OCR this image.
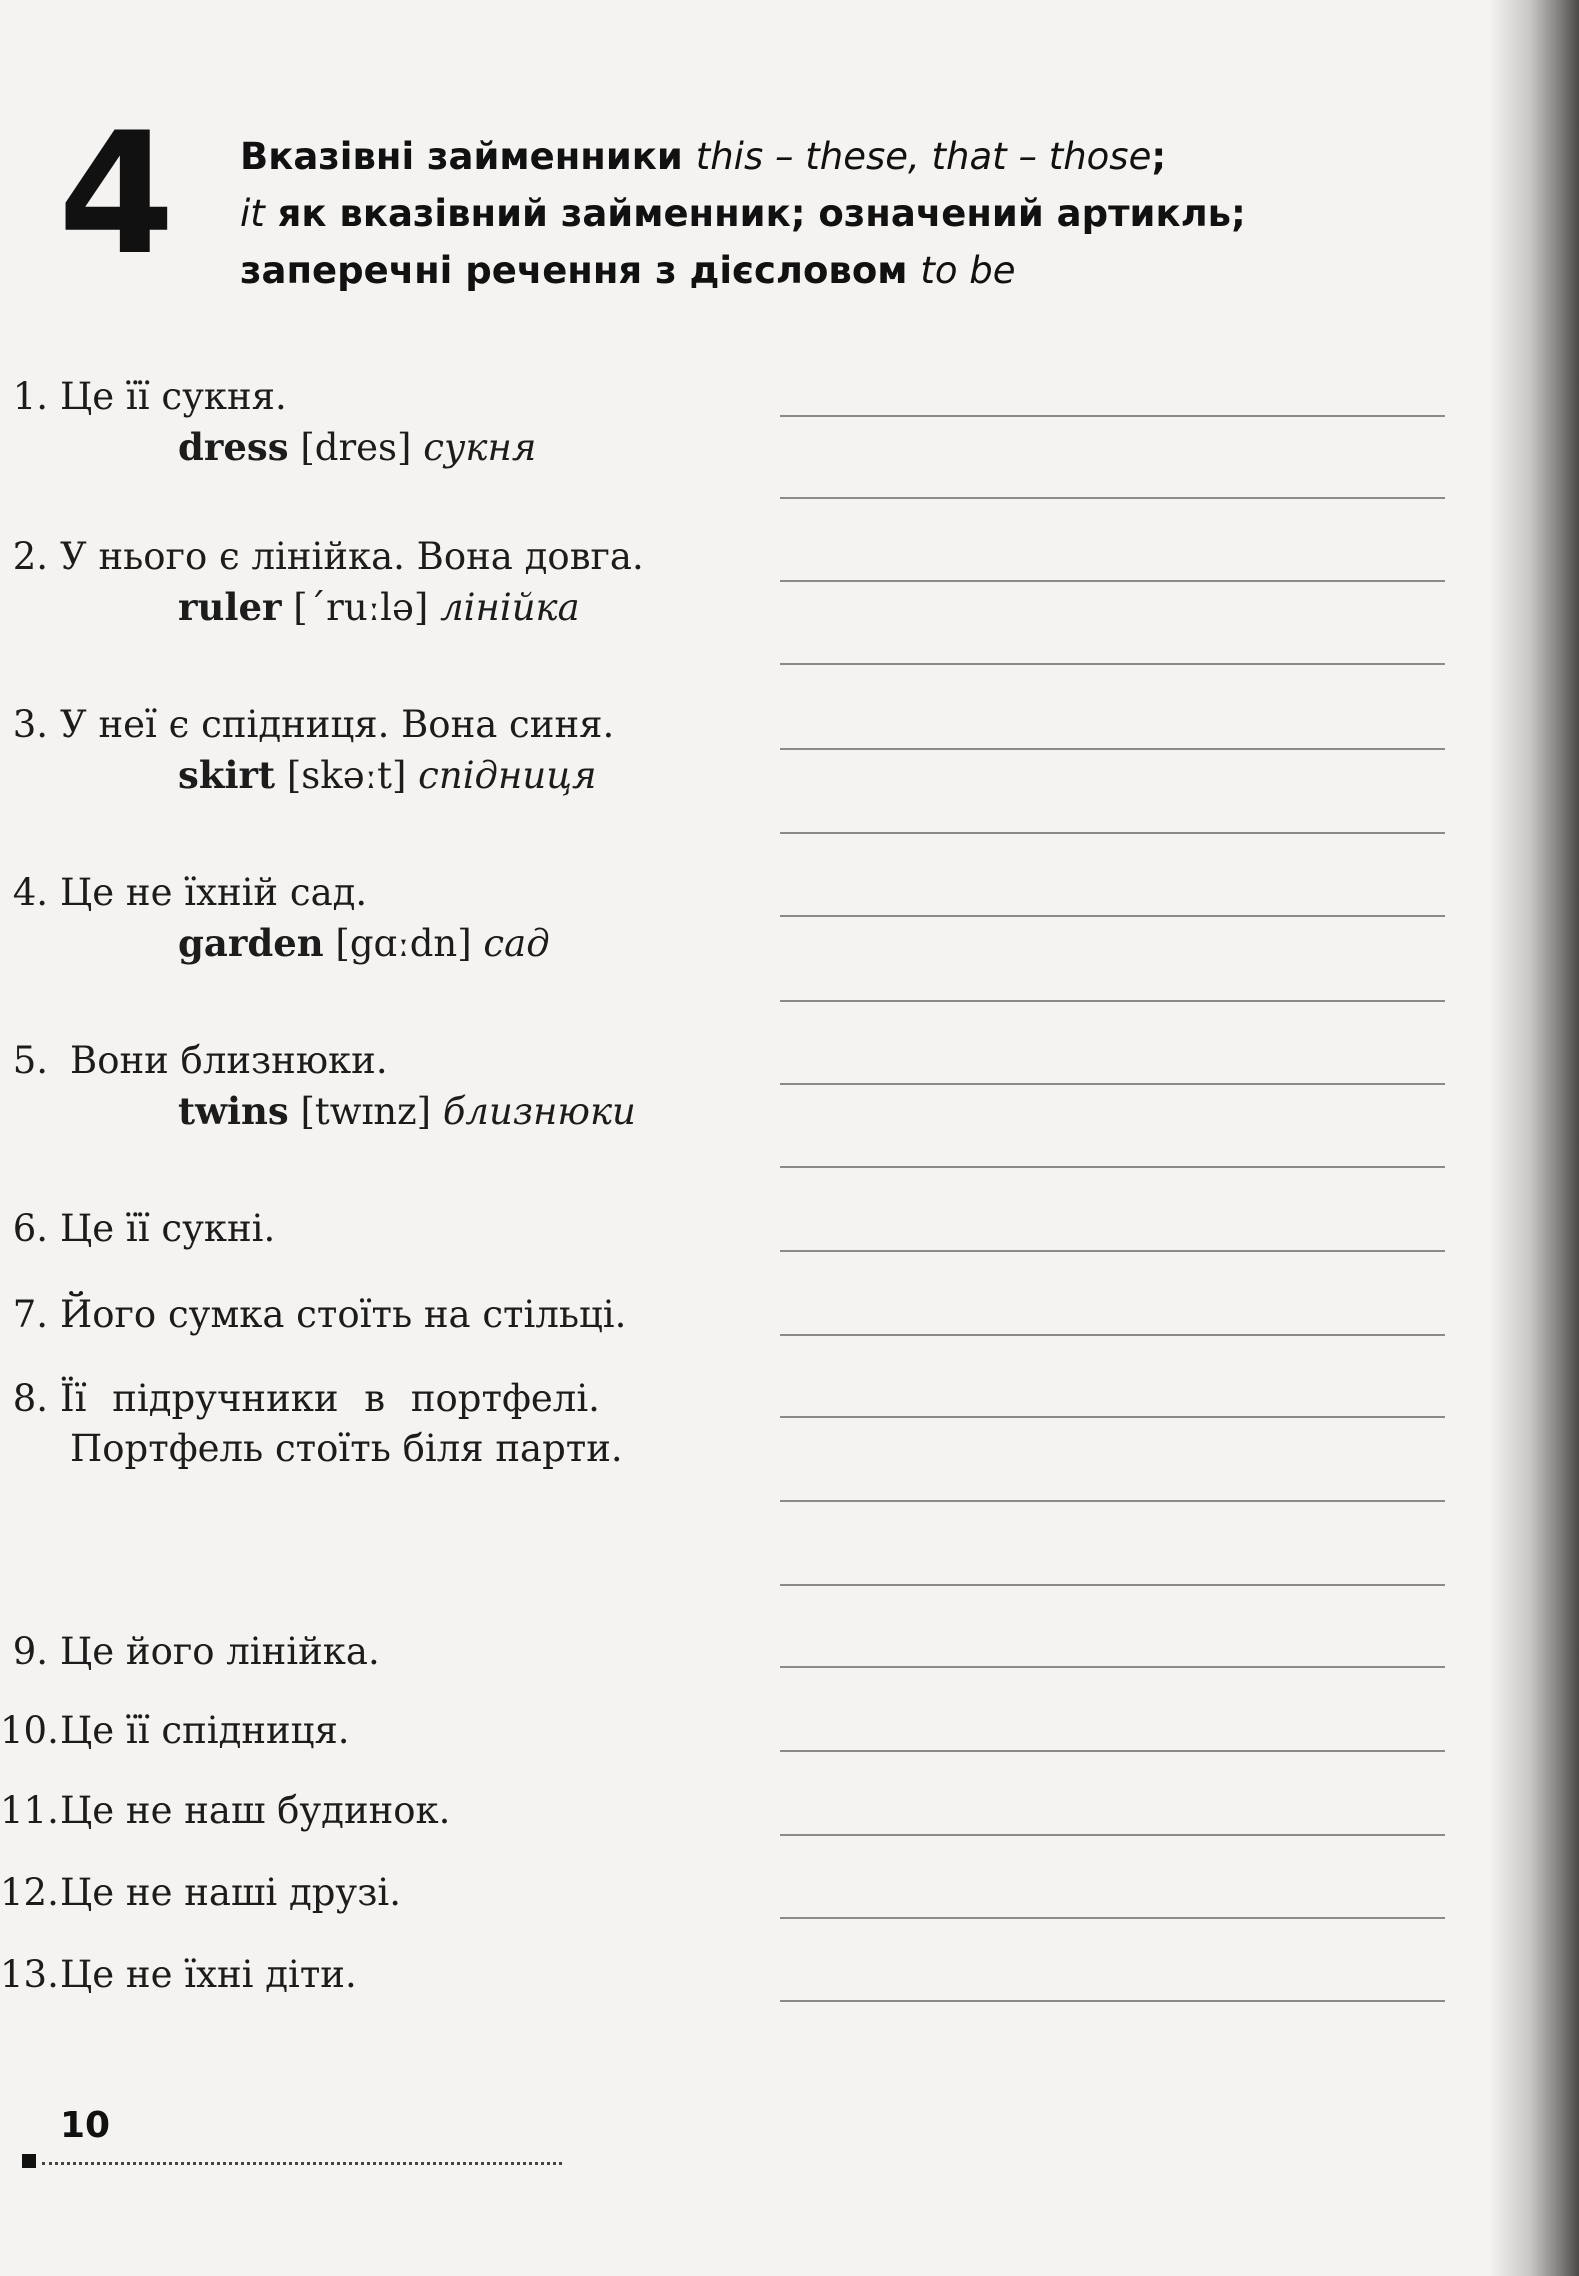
4 Вказівні займенники this – these, that – those;
it як вказівний займенник; означений артикль;
заперечні речення з дієсловом to be
1. Це її сукня.
dress [dres] сукня
2. У нього є лінійка. Вона довга.
ruler [ˊruːlə] лінійка
3. У неї є спідниця. Вона синя.
skirt [skəːt] спідниця
4. Це не їхній сад.
garden [gɑːdn] сад
5. Вони близнюки.
twins [twɪnz] близнюки
6. Це її сукні.
7. Його сумка стоїть на стільці.
8. Її підручники в портфелі.
Портфель стоїть біля парти.
9. Це його лінійка.
10.Це її спідниця.
11.Це не наш будинок.
12.Це не наші друзі.
13.Це не їхні діти.
10
